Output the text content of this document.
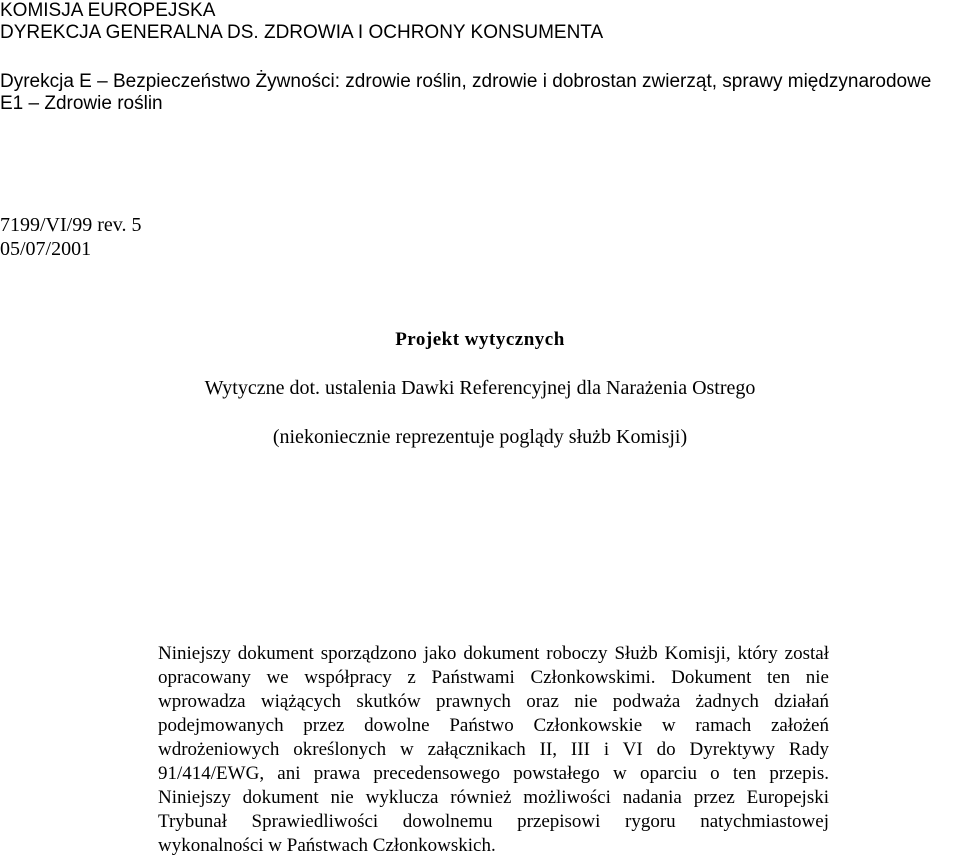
KOMISJA EUROPEJSKA
DYREKCJA GENERALNA DS. ZDROWIA I OCHRONY KONSUMENTA
Dyrekcja E – Bezpieczeństwo Żywności: zdrowie roślin, zdrowie i dobrostan zwierząt, sprawy międzynarodowe
E1 – Zdrowie roślin
7199/VI/99 rev. 5
05/07/2001
Projekt wytycznych
Wytyczne dot. ustalenia Dawki Referencyjnej dla Narażenia Ostrego
(niekoniecznie reprezentuje poglądy służb Komisji)
Niniejszy dokument sporządzono jako dokument roboczy Służb Komisji, który został opracowany we współpracy z Państwami Członkowskimi. Dokument ten nie wprowadza wiążących skutków prawnych oraz nie podważa żadnych działań podejmowanych przez dowolne Państwo Członkowskie w ramach założeń wdrożeniowych określonych w załącznikach II, III i VI do Dyrektywy Rady 91/414/EWG, ani prawa precedensowego powstałego w oparciu o ten przepis. Niniejszy dokument nie wyklucza również możliwości nadania przez Europejski Trybunał Sprawiedliwości dowolnemu przepisowi rygoru natychmiastowej wykonalności w Państwach Członkowskich.
